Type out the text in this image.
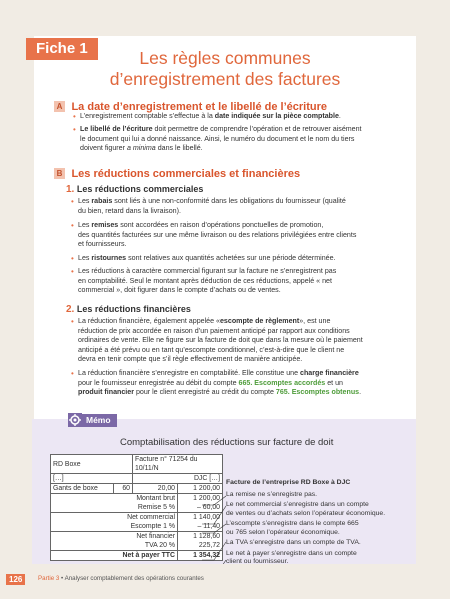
Fiche 1	Les règles communes
d’enregistrement des factures
A La date d’enregistrement et le libellé de l’écriture
• L’enregistrement comptable s’effectue à la date indiquée sur la pièce comptable.
• Le libellé de l’écriture doit permettre de comprendre l’opération et de retrouver aisément
le document qui lui a donné naissance. Ainsi, le numéro du document et le nom du tiers
doivent figurer a minima dans le libellé.
B Les réductions commerciales et financières
1. Les réductions commerciales
• Les rabais sont liés à une non-conformité dans les obligations du fournisseur (qualité
du bien, retard dans la livraison).
• Les remises sont accordées en raison d’opérations ponctuelles de promotion,
des quantités facturées sur une même livraison ou des relations privilégiées entre clients
et fournisseurs.
• Les ristournes sont relatives aux quantités achetées sur une période déterminée.
• Les réductions à caractère commercial figurant sur la facture ne s’enregistrent pas
en comptabilité. Seul le montant après déduction de ces réductions, appelé « net
commercial », doit figurer dans le compte d’achats ou de ventes.
2. Les réductions financières
• La réduction financière, également appelée «escompte de règlement», est une
réduction de prix accordée en raison d’un paiement anticipé par rapport aux conditions
ordinaires de vente. Elle ne figure sur la facture de doit que dans la mesure où le paiement
anticipé a été prévu ou en tant qu’escompte conditionnel, c’est-à-dire que le client ne
devra en tenir compte que s’il règle effectivement de manière anticipée.
• La réduction financière s’enregistre en comptabilité. Elle constitue une charge financière
pour le fournisseur enregistrée au débit du compte 665. Escomptes accordés et un
produit financier pour le client enregistré au crédit du compte 765. Escomptes obtenus.
Mémo
Comptabilisation des réductions sur facture de doit
RD Boxe		Facture n° 71254 du 10/11/N	
[…]		DJC […]	
Gants de boxe	60	20,00	1 200,00
Montant brut			1 200,00
Remise 5 %			– 60,00
Net commercial			1 140,00
Escompte 1 %			– 11,40
Net financier			1 128,60
TVA 20 %			225,72
Net à payer TTC			1 354,32
Facture de l’entreprise RD Boxe à DJC
La remise ne s’enregistre pas.
Le net commercial s’enregistre dans un compte
de ventes ou d’achats selon l’opérateur économique.
L’escompte s’enregistre dans le compte 665
ou 765 selon l’opérateur économique.
La TVA s’enregistre dans un compte de TVA.
Le net à payer s’enregistre dans un compte
client ou fournisseur.
126	Partie 3 • Analyser comptablement des opérations courantes
